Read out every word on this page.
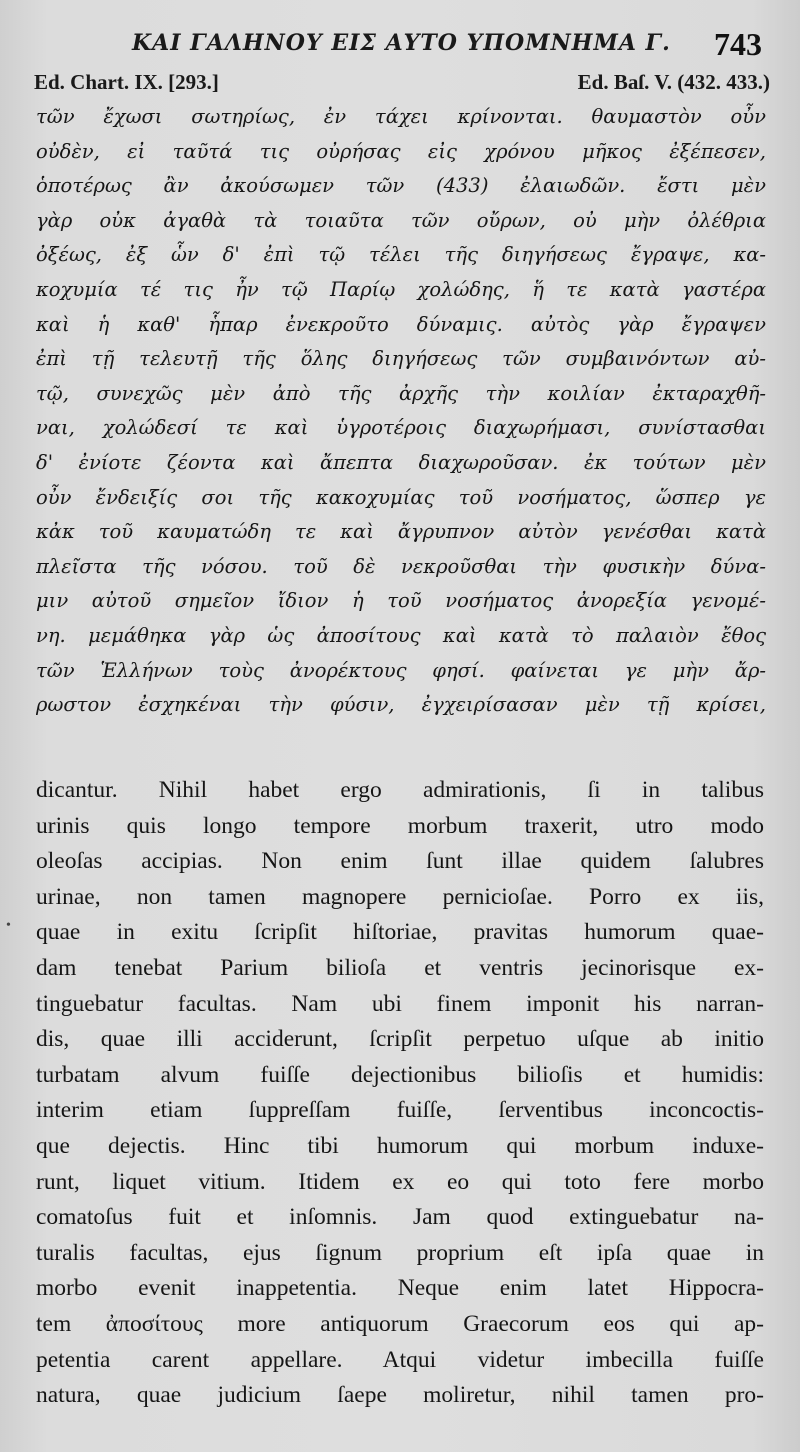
ΚΑΙ ΓΑΛΗΝΟΥ ΕΙΣ ΑΥΤΟ ΥΠΟΜΝΗΜΑ Γ. 743
Ed. Chart. IX. [293.]	Ed. Baſ. V. (432. 433.)
τῶν ἔχωσι σωτηρίως, ἐν τάχει κρίνονται. θαυμαστὸν οὖν
οὐδὲν, εἰ ταῦτά τις οὐρήσας εἰς χρόνου μῆκος ἐξέπεσεν,
ὁποτέρως ἂν ἀκούσωμεν τῶν (433) ἐλαιωδῶν. ἔστι μὲν
γὰρ οὐκ ἀγαθὰ τὰ τοιαῦτα τῶν οὔρων, οὐ μὴν ὀλέθρια
ὀξέως, ἐξ ὧν δ' ἐπὶ τῷ τέλει τῆς διηγήσεως ἔγραψε, κα-
κοχυμία τέ τις ἦν τῷ Παρίῳ χολώδης, ἥ τε κατὰ γαστέρα
καὶ ἡ καθ' ἧπαρ ἐνεκροῦτο δύναμις. αὐτὸς γὰρ ἔγραψεν
ἐπὶ τῇ τελευτῇ τῆς ὅλης διηγήσεως τῶν συμβαινόντων αὐ-
τῷ, συνεχῶς μὲν ἀπὸ τῆς ἀρχῆς τὴν κοιλίαν ἐκταραχθῆ-
ναι, χολώδεσί τε καὶ ὑγροτέροις διαχωρήμασι, συνίστασθαι
δ' ἐνίοτε ζέοντα καὶ ἄπεπτα διαχωροῦσαν. ἐκ τούτων μὲν
οὖν ἔνδειξίς σοι τῆς κακοχυμίας τοῦ νοσήματος, ὥσπερ γε
κἀκ τοῦ καυματώδη τε καὶ ἄγρυπνον αὐτὸν γενέσθαι κατὰ
πλεῖστα τῆς νόσου. τοῦ δὲ νεκροῦσθαι τὴν φυσικὴν δύνα-
μιν αὐτοῦ σημεῖον ἴδιον ἡ τοῦ νοσήματος ἀνορεξία γενομέ-
νη. μεμάθηκα γὰρ ὡς ἀποσίτους καὶ κατὰ τὸ παλαιὸν ἔθος
τῶν Ἑλλήνων τοὺς ἀνορέκτους φησί. φαίνεται γε μὴν ἄρ-
ρωστον ἐσχηκέναι τὴν φύσιν, ἐγχειρίσασαν μὲν τῇ κρίσει,
•
dicantur. Nihil habet ergo admirationis, ſi in talibus
urinis quis longo tempore morbum traxerit, utro modo
oleoſas accipias. Non enim ſunt illae quidem ſalubres
urinae, non tamen magnopere pernicioſae. Porro ex iis,
quae in exitu ſcripſit hiſtoriae, pravitas humorum quae-
dam tenebat Parium bilioſa et ventris jecinorisque ex-
tinguebatur facultas. Nam ubi finem imponit his narran-
dis, quae illi acciderunt, ſcripſit perpetuo uſque ab initio
turbatam alvum fuiſſe dejectionibus bilioſis et humidis:
interim etiam ſuppreſſam fuiſſe, ſerventibus inconcoctis-
que dejectis. Hinc tibi humorum qui morbum induxe-
runt, liquet vitium. Itidem ex eo qui toto fere morbo
comatoſus fuit et inſomnis. Jam quod extinguebatur na-
turalis facultas, ejus ſignum proprium eſt ipſa quae in
morbo evenit inappetentia. Neque enim latet Hippocra-
tem ἀποσίτους more antiquorum Graecorum eos qui ap-
petentia carent appellare. Atqui videtur imbecilla fuiſſe
natura, quae judicium ſaepe moliretur, nihil tamen pro-
